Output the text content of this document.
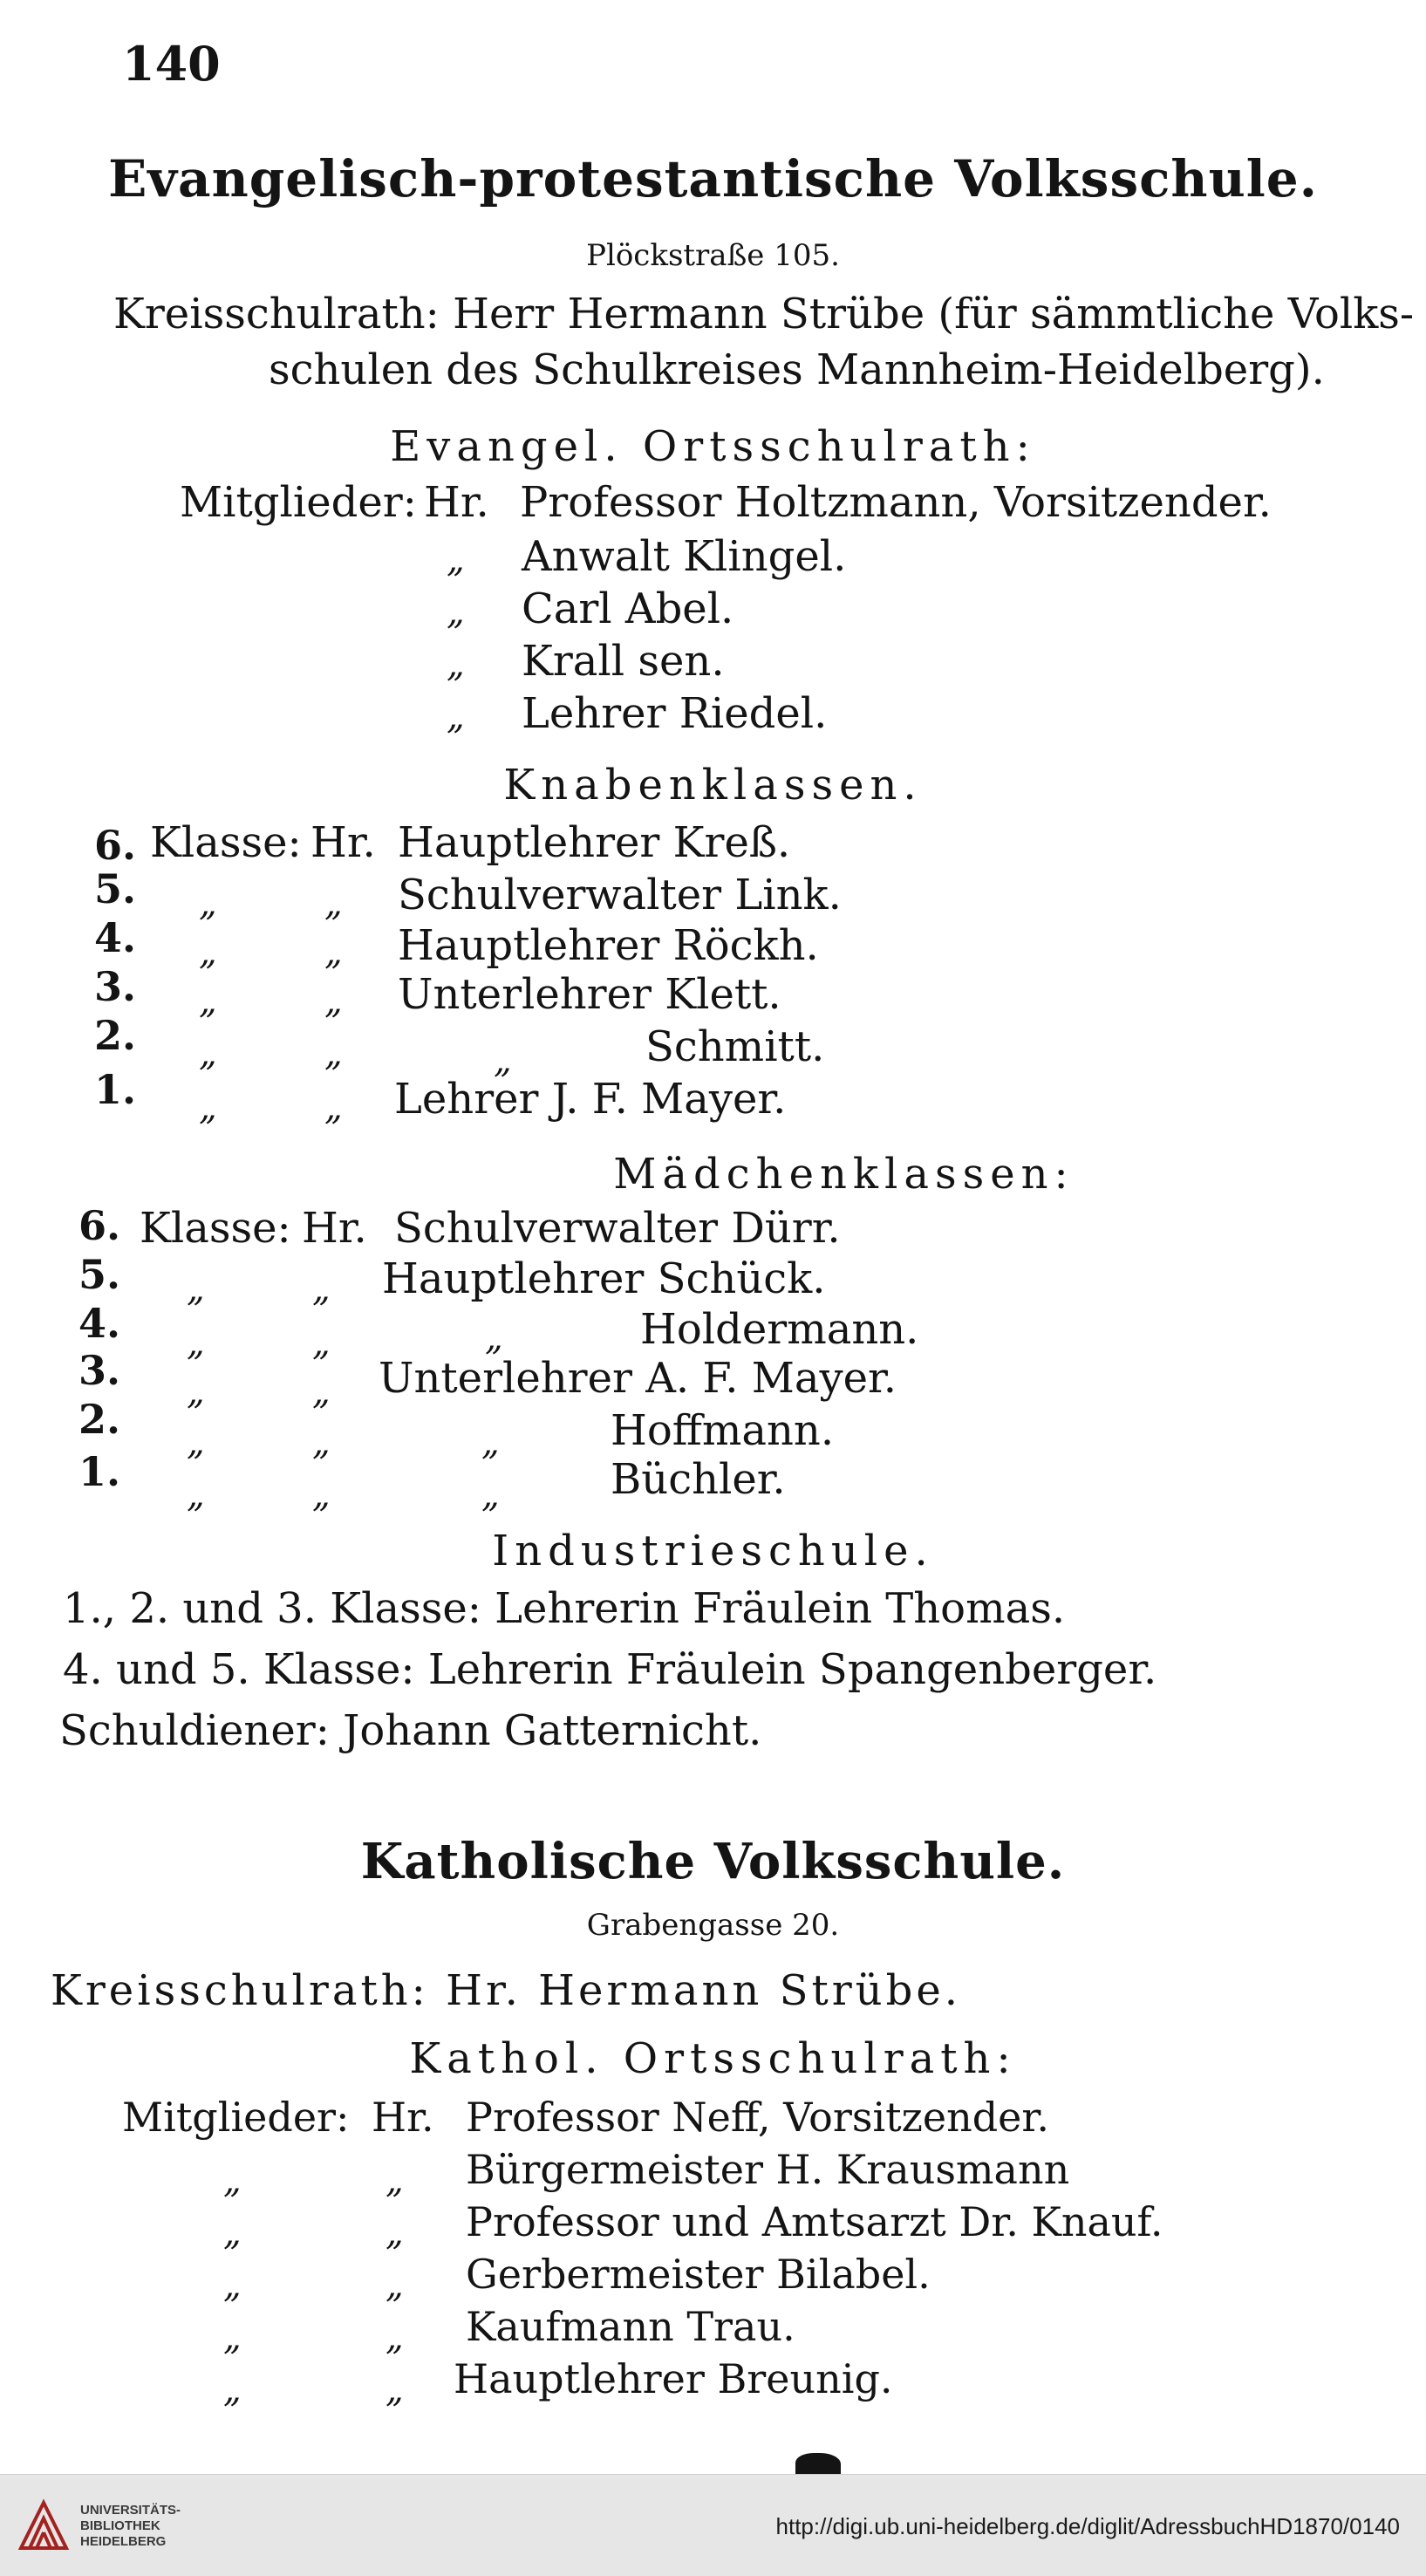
140
Evangelisch-protestantische Volksschule.
Plöckstraße 105.
Kreisschulrath: Herr Hermann Strübe (für sämmtliche Volks-
schulen des Schulkreises Mannheim-Heidelberg).
Evangel. Ortsschulrath:
Mitglieder: Hr. Professor Holtzmann, Vorsitzender.
„ Anwalt Klingel.
„ Carl Abel.
„ Krall sen.
„ Lehrer Riedel.
Knabenklassen.
6. Klasse: Hr. Hauptlehrer Kreß.
5. „	„ Schulverwalter Link.
4. „	„ Hauptlehrer Röckh.
3. „	„ Unterlehrer Klett.
2. „	„	„	Schmitt.
1. „	„ Lehrer J. F. Mayer.
Mädchenklassen:
6. Klasse: Hr. Schulverwalter Dürr.
5. „	„ Hauptlehrer Schück.
4. „	„	„	Holdermann.
3. „	„ Unterlehrer A. F. Mayer.
2. „	„	„	Hoffmann.
1. „	„	„	Büchler.
Industrieschule.
1., 2. und 3. Klasse: Lehrerin Fräulein Thomas.
4. und 5. Klasse: Lehrerin Fräulein Spangenberger.
Schuldiener: Johann Gatternicht.
Katholische Volksschule.
Grabengasse 20.
Kreisschulrath: Hr. Hermann Strübe.
Kathol. Ortsschulrath:
Mitglieder: Hr. Professor Neff, Vorsitzender.
„	„ Bürgermeister H. Krausmann
„	„ Professor und Amtsarzt Dr. Knauf.
„	„ Gerbermeister Bilabel.
„	„ Kaufmann Trau.
„	„ Hauptlehrer Breunig.
UNIVERSITÄTS-
BIBLIOTHEK
HEIDELBERG
http://digi.ub.uni-heidelberg.de/diglit/AdressbuchHD1870/0140
